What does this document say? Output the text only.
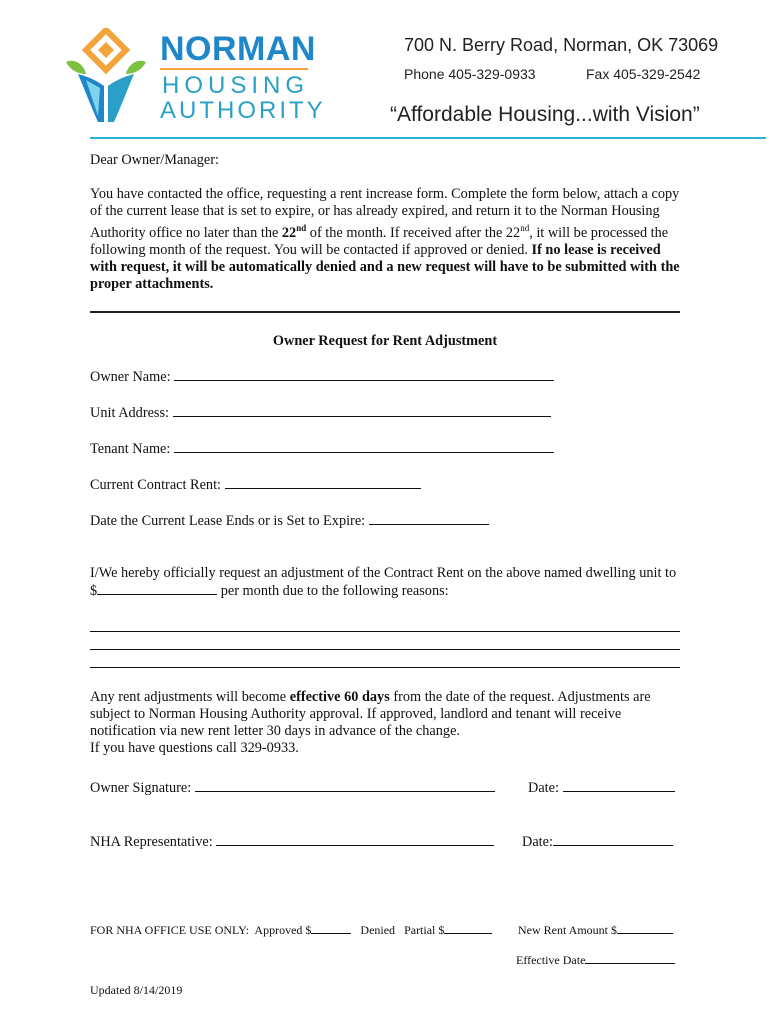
NORMAN
HOUSING
AUTHORITY
700 N. Berry Road, Norman, OK 73069
Phone 405-329-0933	Fax 405-329-2542
“Affordable Housing...with Vision”
Dear Owner/Manager:

You have contacted the office, requesting a rent increase form. Complete the form below, attach a copy of the current lease that is set to expire, or has already expired, and return it to the Norman Housing Authority office no later than the 22nd of the month. If received after the 22nd, it will be processed the following month of the request. You will be contacted if approved or denied. If no lease is received with request, it will be automatically denied and a new request will have to be submitted with the proper attachments.

Owner Request for Rent Adjustment
Owner Name:
Unit Address:
Tenant Name:
Current Contract Rent:
Date the Current Lease Ends or is Set to Expire:
I/We hereby officially request an adjustment of the Contract Rent on the above named dwelling unit to $	per month due to the following reasons:

Any rent adjustments will become effective 60 days from the date of the request. Adjustments are subject to Norman Housing Authority approval. If approved, landlord and tenant will receive notification via new rent letter 30 days in advance of the change.

If you have questions call 329-0933.

Owner Signature:	Date:
NHA Representative:	Date:
FOR NHA OFFICE USE ONLY: Approved $	Denied Partial $	New Rent Amount $
Effective Date
Updated 8/14/2019
